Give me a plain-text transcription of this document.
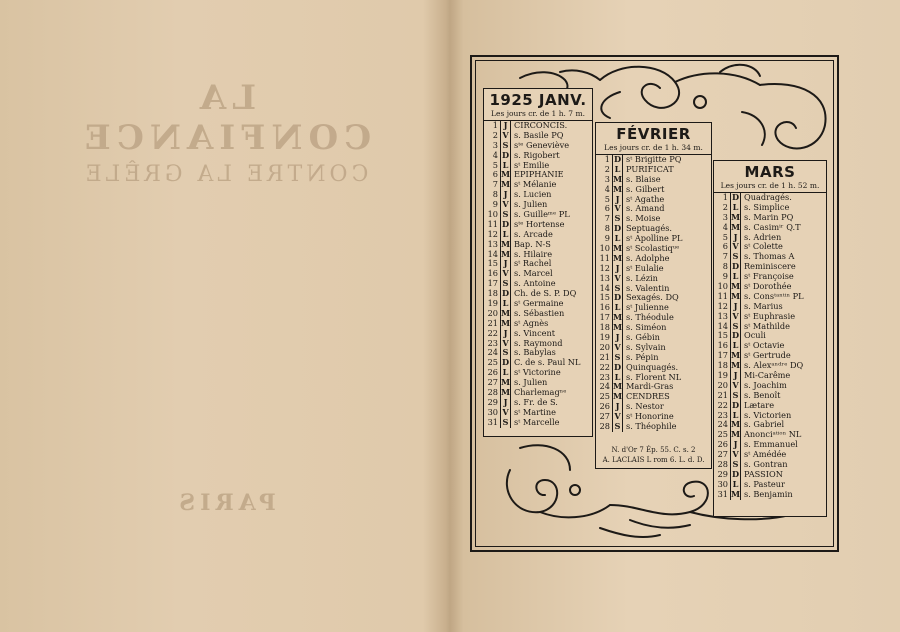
LA CONFIANCE
CONTRE LA GRÊLE
PARIS
1925 JANV.
Les jours cr. de 1 h. 7 m.
1 J CIRCONCIS.
2 V s. Basile PQ
3 S sᵗᵉ Geneviève
4 D s. Rigobert
5 L sᵗ Emilie
6 M EPIPHANIE
7 M sᵗ Mélanie
8 J s. Lucien
9 V s. Julien
10 S s. Guilleᵐᵉ PL
11 D sᵗᵉ Hortense
12 L s. Arcade
13 M Bap. N-S
14 M s. Hilaire
15 J sᵗ Rachel
16 V s. Marcel
17 S s. Antoine
18 D Ch. de S. P. DQ
19 L sᵗ Germaine
20 M s. Sébastien
21 M sᵗ Agnès
22 J s. Vincent
23 V s. Raymond
24 S s. Babylas
25 D C. de s. Paul NL
26 L sᵗ Victorine
27 M s. Julien
28 M Charlemagⁿᵉ
29 J s. Fr. de S.
30 V sᵗ Martine
31 S sᵗ Marcelle
FÉVRIER
Les jours cr. de 1 h. 34 m.
1 D sᵗ Brigitte PQ
2 L PURIFICAT
3 M s. Blaise
4 M s. Gilbert
5 J sᵗ Agathe
6 V s. Amand
7 S s. Moise
8 D Septuagés.
9 L sᵗ Apolline PL
10 M sᵗ Scolastiqᵘᵉ
11 M s. Adolphe
12 J sᵗ Eulalie
13 V s. Lézin
14 S s. Valentin
15 D Sexagés. DQ
16 L sᵗ Julienne
17 M s. Théodule
18 M s. Siméon
19 J s. Gébin
20 V s. Sylvain
21 S s. Pépin
22 D Quinquagés.
23 L s. Florent NL
24 M Mardi-Gras
25 M CENDRES
26 J s. Nestor
27 V sᵗ Honorine
28 S s. Théophile
N. d'Or 7 Ép. 55. C. s. 2
A. LACLAIS L rom 6. L. d. D.
MARS
Les jours cr. de 1 h. 52 m.
1 D Quadragés.
2 L s. Simplice
3 M s. Marin PQ
4 M s. Casimⁱʳ Q.T
5 J s. Adrien
6 V sᵗ Colette
7 S s. Thomas A
8 D Reminiscere
9 L sᵗ Françoise
10 M sᵗ Dorothée
11 M s. Consᵗᵃⁿᵗⁱⁿ PL
12 J s. Marius
13 V sᵗ Euphrasie
14 S sᵗ Mathilde
15 D Oculi
16 L sᵗ Octavie
17 M sᵗ Gertrude
18 M s. Alexᵃⁿᵈʳᵉ DQ
19 J Mi-Carême
20 V s. Joachim
21 S s. Benoît
22 D Lætare
23 L s. Victorien
24 M s. Gabriel
25 M Anonciᵃᵗⁱᵒⁿ NL
26 J s. Emmanuel
27 V sᵗ Amédée
28 S s. Gontran
29 D PASSION
30 L s. Pasteur
31 M s. Benjamin
